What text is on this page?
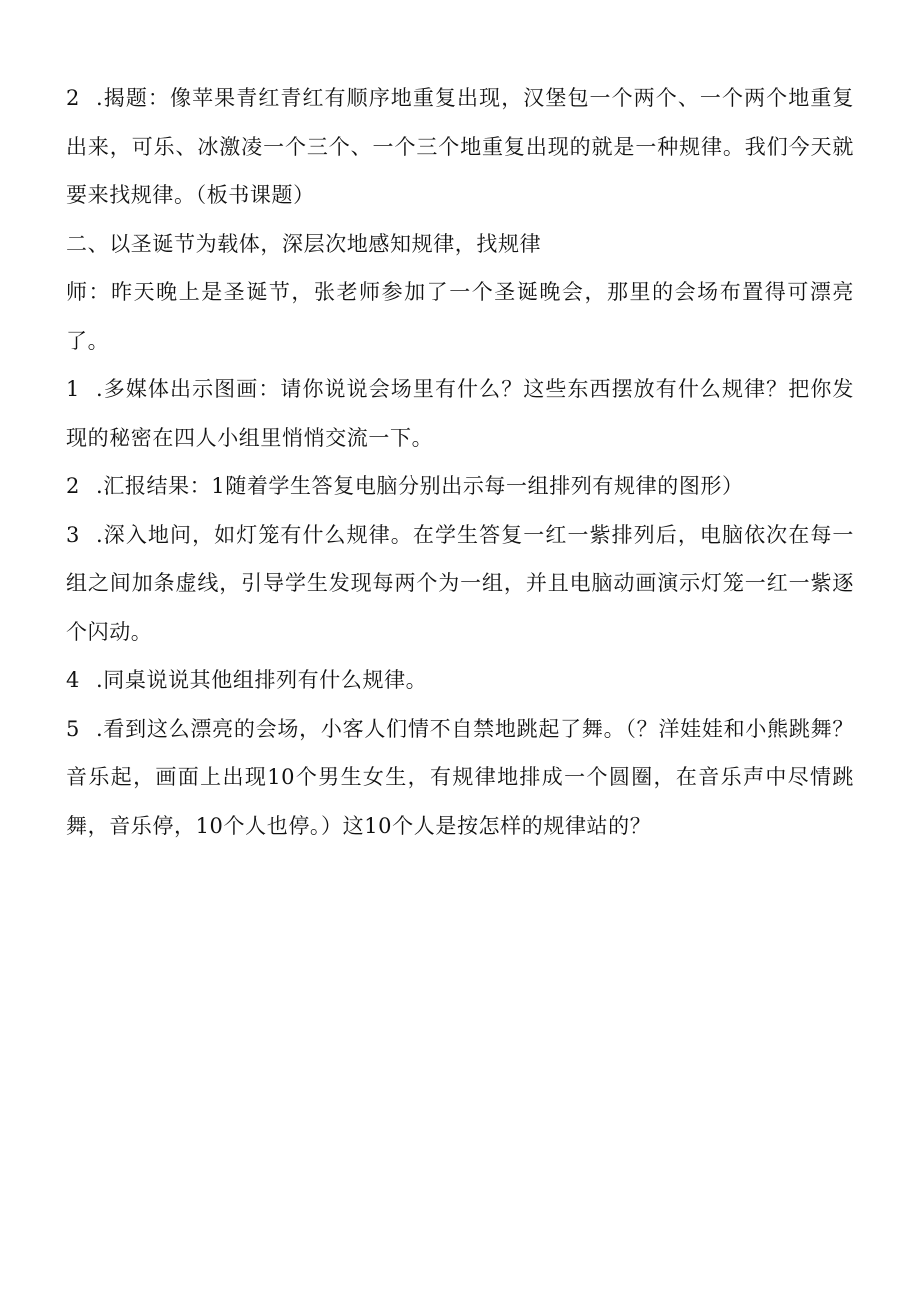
2 .揭题：像苹果青红青红有顺序地重复出现，汉堡包一个两个、一个两个地重复出来，可乐、冰激凌一个三个、一个三个地重复出现的就是一种规律。我们今天就要来找规律。（板书课题）

二、以圣诞节为载体，深层次地感知规律，找规律

师：昨天晚上是圣诞节，张老师参加了一个圣诞晚会，那里的会场布置得可漂亮了。

1 .多媒体出示图画：请你说说会场里有什么？这些东西摆放有什么规律？把你发现的秘密在四人小组里悄悄交流一下。

2 .汇报结果：1随着学生答复电脑分别出示每一组排列有规律的图形）

3 .深入地问，如灯笼有什么规律。在学生答复一红一紫排列后，电脑依次在每一组之间加条虚线，引导学生发现每两个为一组，并且电脑动画演示灯笼一红一紫逐个闪动。

4 .同桌说说其他组排列有什么规律。

5 .看到这么漂亮的会场，小客人们情不自禁地跳起了舞。（？洋娃娃和小熊跳舞？音乐起，画面上出现10个男生女生，有规律地排成一个圆圈，在音乐声中尽情跳舞，音乐停，10个人也停。）这10个人是按怎样的规律站的？
